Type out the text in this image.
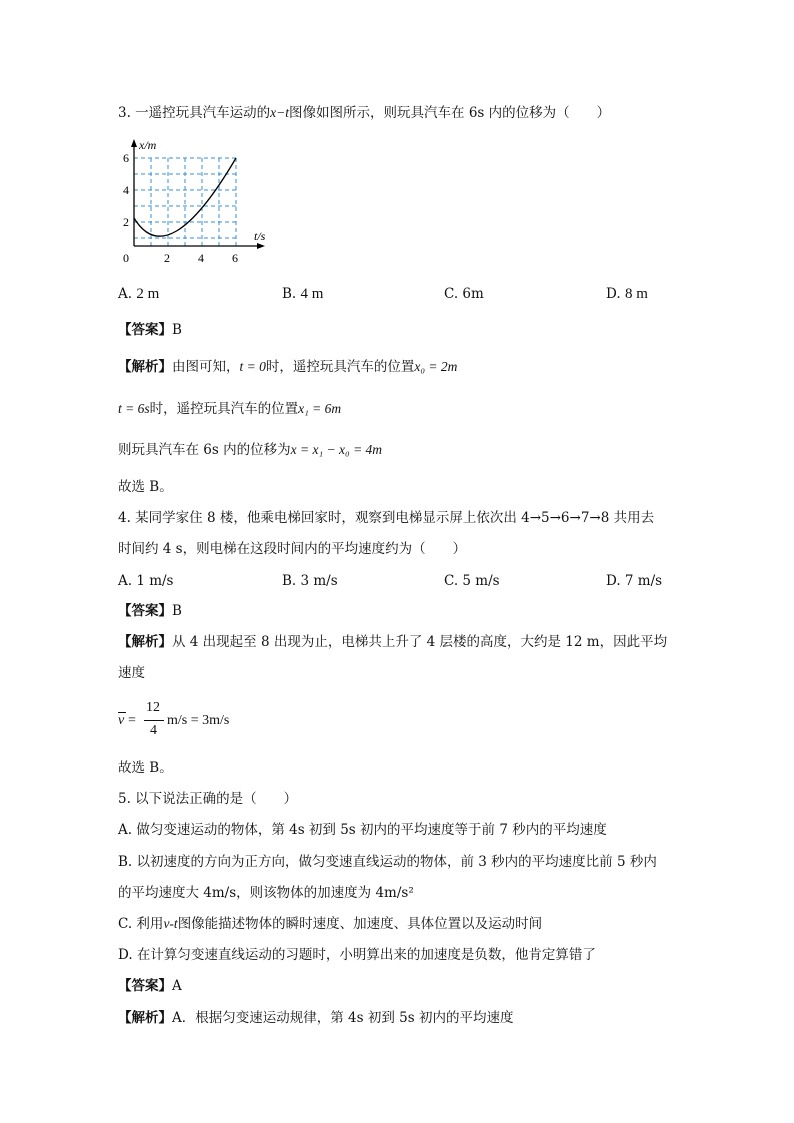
3. 一遥控玩具汽车运动的x−t图像如图所示，则玩具汽车在 6s 内的位移为（　　）
x/m
t/s
0
2
4
6
2 4 6
A. 2 m	B. 4 m	C. 6m	D. 8 m
【答案】B
【解析】由图可知，t = 0时，遥控玩具汽车的位置x₀ = 2m
t = 6s时，遥控玩具汽车的位置x₁ = 6m
则玩具汽车在 6s 内的位移为x = x₁ − x₀ = 4m
故选 B。
4. 某同学家住 8 楼，他乘电梯回家时，观察到电梯显示屏上依次出 4→5→6→7→8 共用去
时间约 4 s，则电梯在这段时间内的平均速度约为（　　）
A. 1 m/s	B. 3 m/s	C. 5 m/s	D. 7 m/s
【答案】B
【解析】从 4 出现起至 8 出现为止，电梯共上升了 4 层楼的高度，大约是 12 m，因此平均
速度
v =
12
4
m/s = 3m/s
故选 B。
5. 以下说法正确的是（　　）
A. 做匀变速运动的物体，第 4s 初到 5s 初内的平均速度等于前 7 秒内的平均速度
B. 以初速度的方向为正方向，做匀变速直线运动的物体，前 3 秒内的平均速度比前 5 秒内
的平均速度大 4m/s，则该物体的加速度为 4m/s²
C. 利用v-t图像能描述物体的瞬时速度、加速度、具体位置以及运动时间
D. 在计算匀变速直线运动的习题时，小明算出来的加速度是负数，他肯定算错了
【答案】A
【解析】A．根据匀变速运动规律，第 4s 初到 5s 初内的平均速度
